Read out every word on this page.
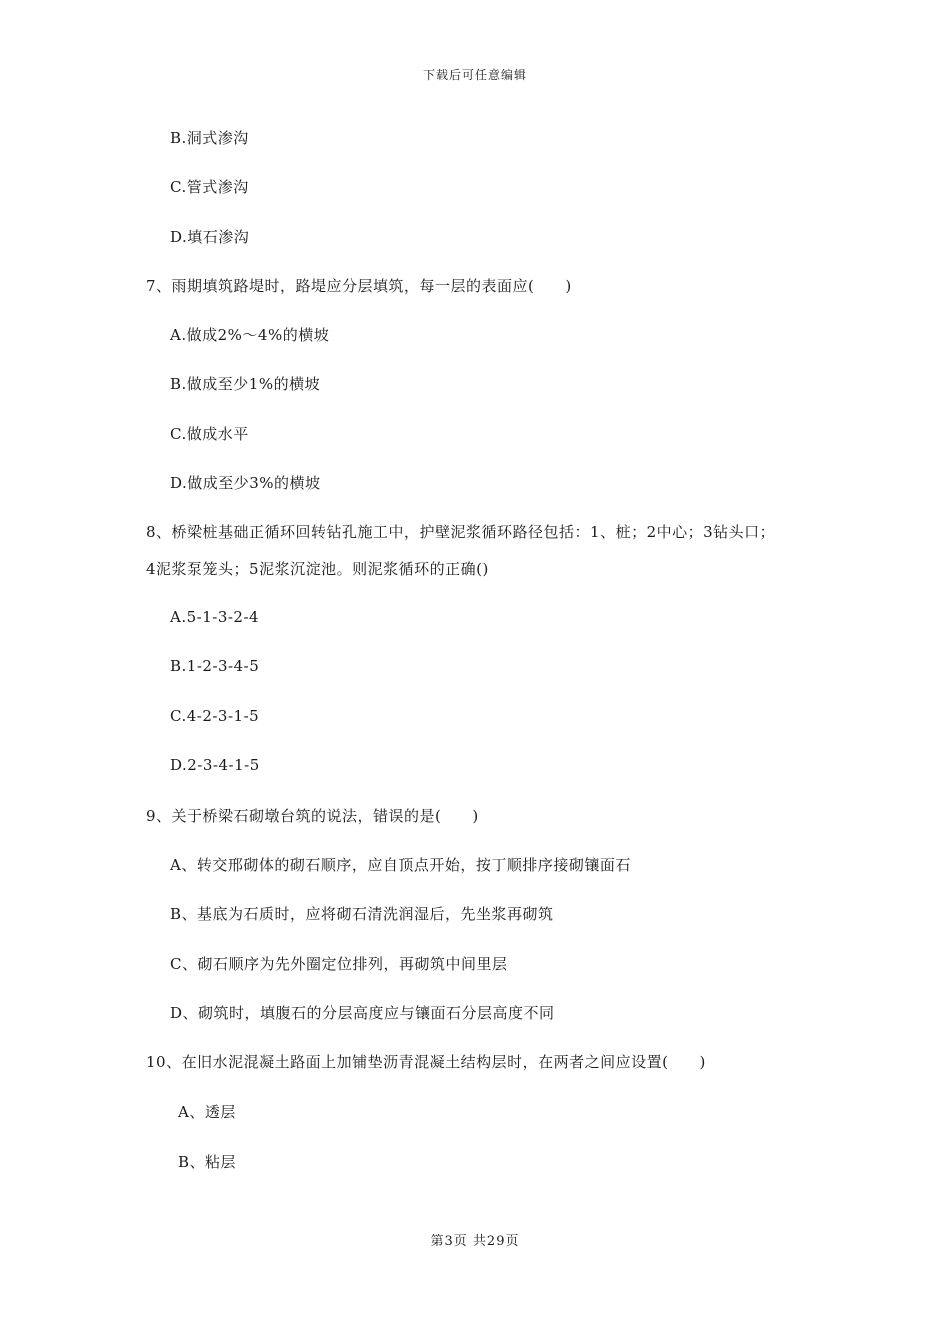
下载后可任意编辑
B.洞式渗沟
C.管式渗沟
D.填石渗沟
7、雨期填筑路堤时，路堤应分层填筑，每一层的表面应(　　)
A.做成2%～4%的横坡
B.做成至少1%的横坡
C.做成水平
D.做成至少3%的横坡
8、桥梁桩基础正循环回转钻孔施工中，护壁泥浆循环路径包括：1、桩；2中心；3钻头口；
4泥浆泵笼头；5泥浆沉淀池。则泥浆循环的正确()
A.5-1-3-2-4
B.1-2-3-4-5
C.4-2-3-1-5
D.2-3-4-1-5
9、关于桥梁石砌墩台筑的说法，错误的是(　　)
A、转交邢砌体的砌石顺序，应自顶点开始，按丁顺排序接砌镶面石
B、基底为石质时，应将砌石清洗润湿后，先坐浆再砌筑
C、砌石顺序为先外圈定位排列，再砌筑中间里层
D、砌筑时，填腹石的分层高度应与镶面石分层高度不同
10、在旧水泥混凝土路面上加铺垫沥青混凝土结构层时，在两者之间应设置(　　)
A、透层
B、粘层
第3页 共29页
